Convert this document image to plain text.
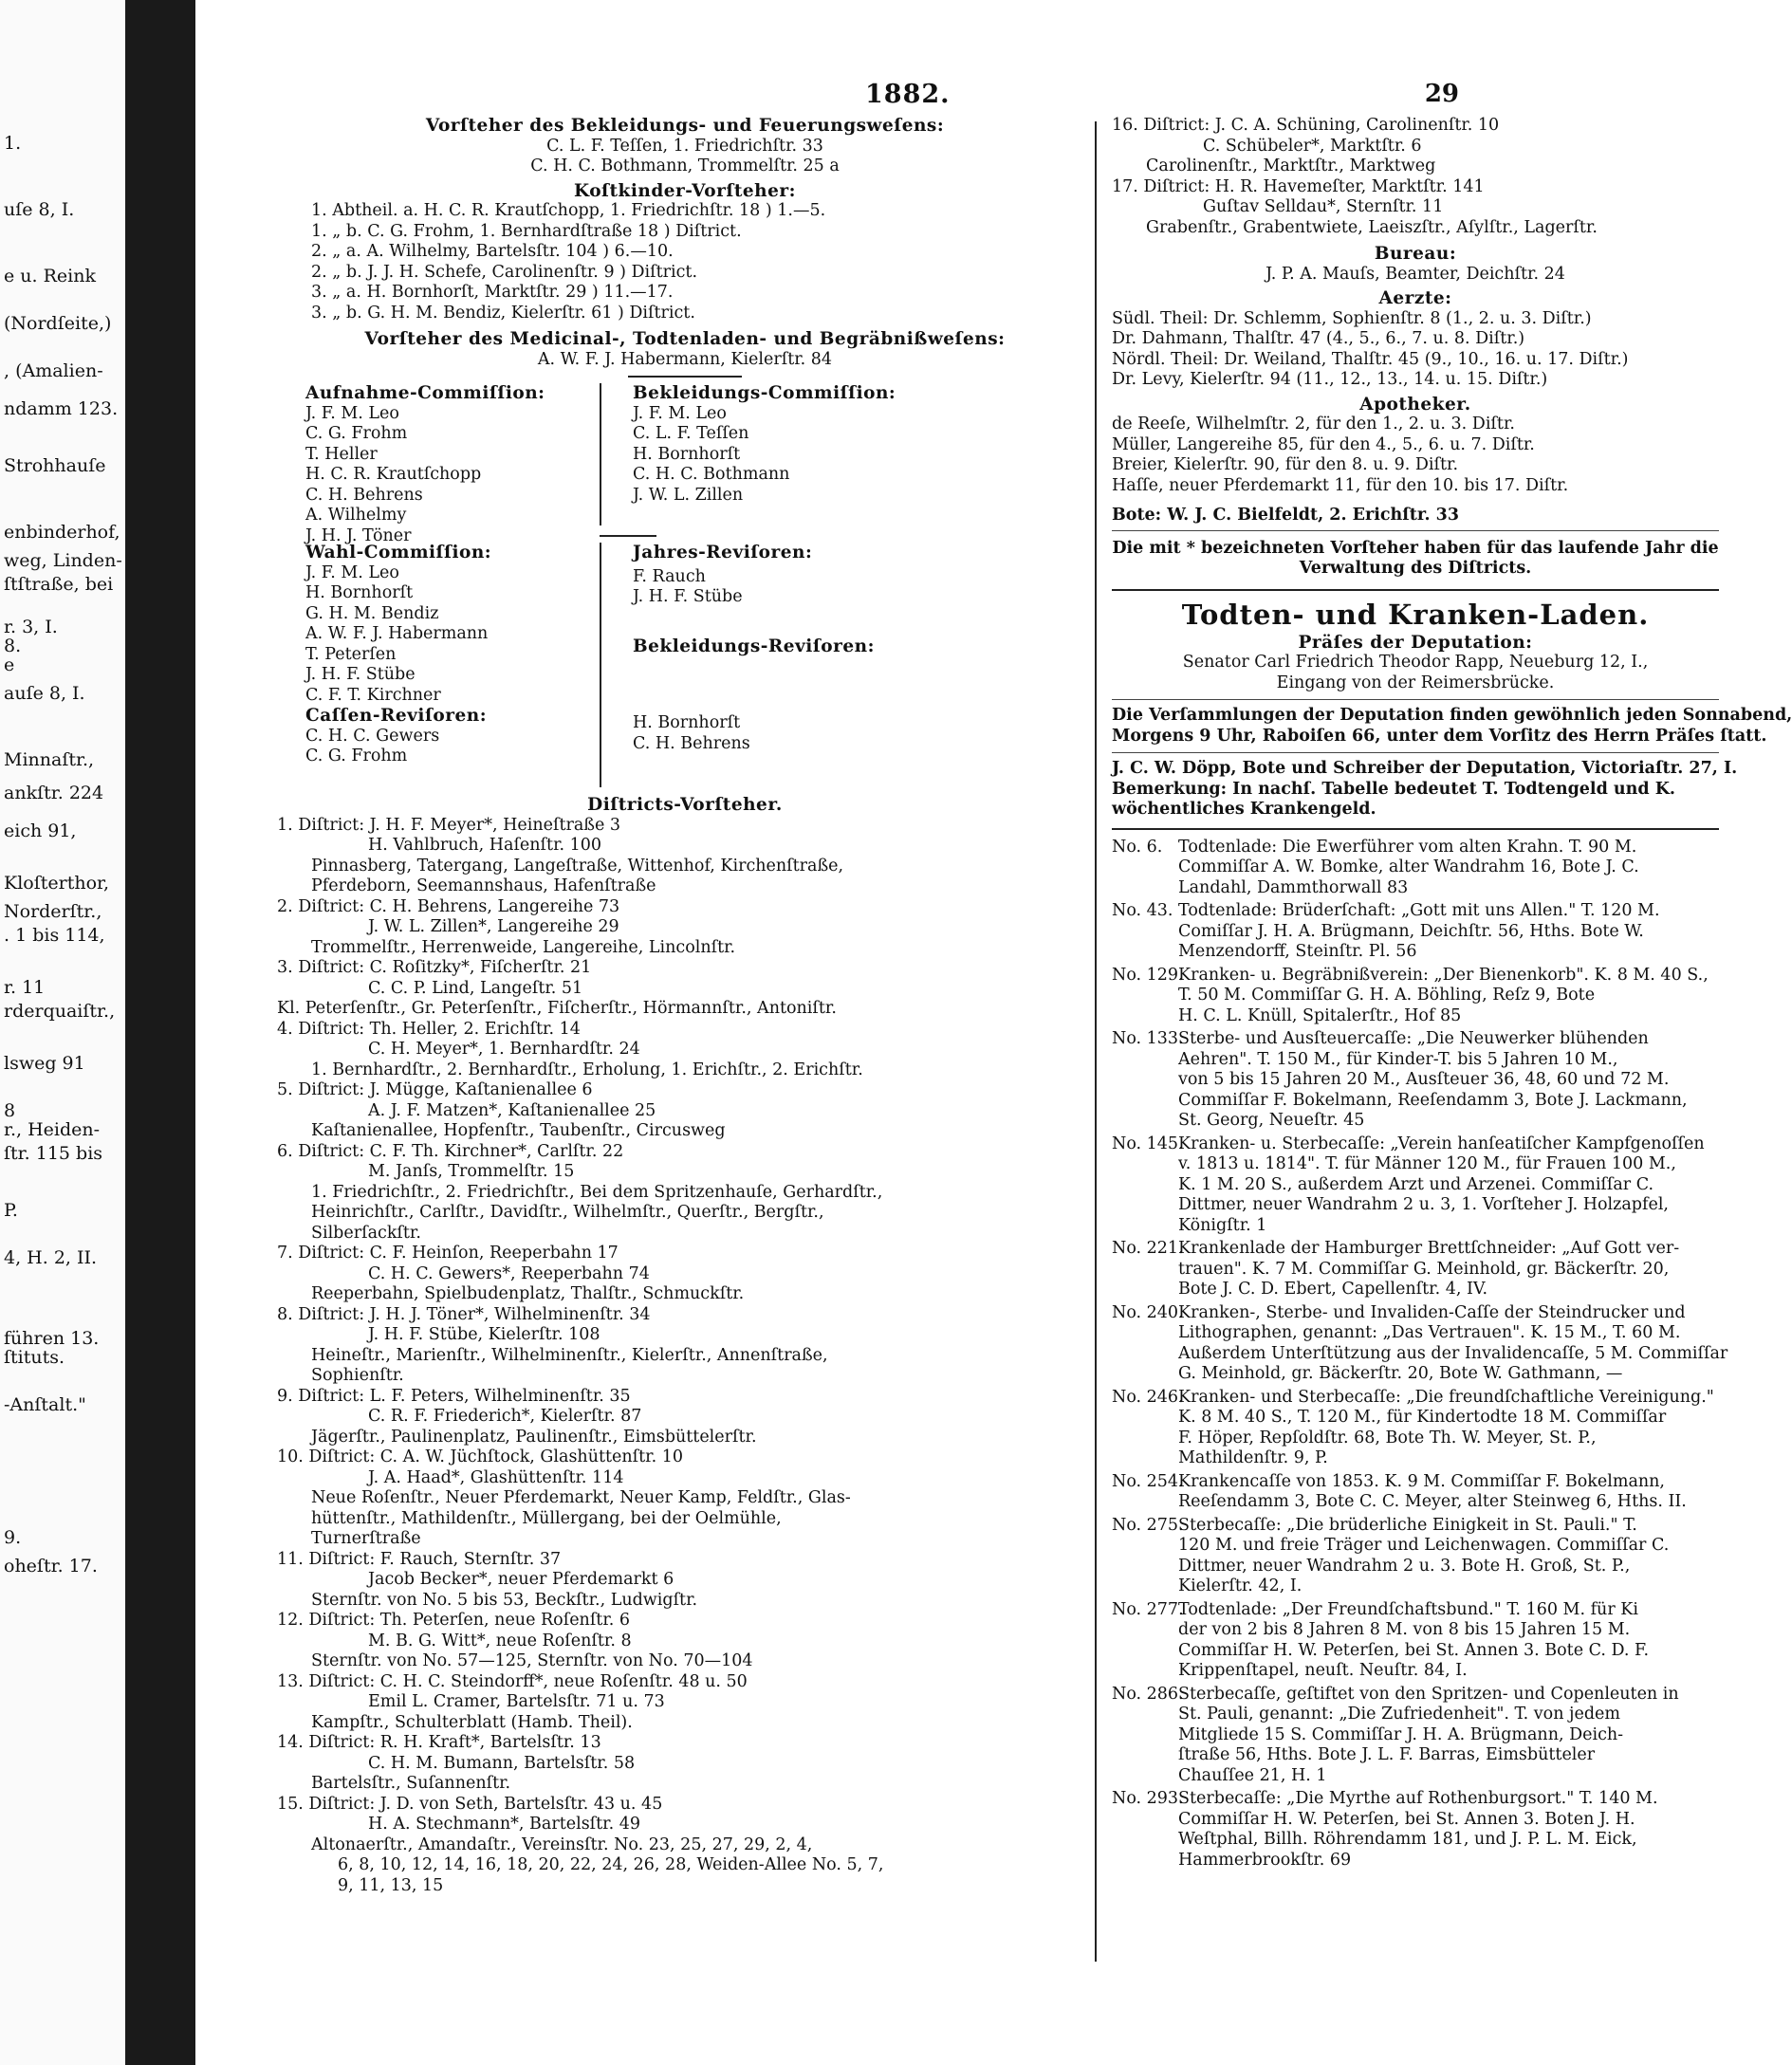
1.
uſe 8, I.
e u. Reink
(Nordſeite,)
, (Amalien-
ndamm 123.
Strohhauſe
enbinderhof,
weg, Linden-
ſtſtraße, bei
r. 3, I.
8.
e
auſe 8, I.
Minnaſtr.,
ankſtr. 224
eich 91,
Kloſterthor,
Norderſtr.,
. 1 bis 114,
r. 11
rderquaiſtr.,
lsweg 91
8
r., Heiden-
ſtr. 115 bis
P.
4, H. 2, II.
führen 13.
ſtituts.
-Anſtalt."
9.
oheſtr. 17.
1882.	29
Vorſteher des Bekleidungs- und Feuerungsweſens:
C. L. F. Teſſen, 1. Friedrichſtr. 33
C. H. C. Bothmann, Trommelſtr. 25 a
Koſtkinder-Vorſteher:
1. Abtheil. a. H. C. R. Krautſchopp, 1. Friedrichſtr. 18 ) 1.—5.
1. „ b. C. G. Frohm, 1. Bernhardſtraße 18 ) Diſtrict.
2. „ a. A. Wilhelmy, Bartelsſtr. 104 ) 6.—10.
2. „ b. J. J. H. Schefe, Carolinenſtr. 9 ) Diſtrict.
3. „ a. H. Bornhorſt, Marktſtr. 29 ) 11.—17.
3. „ b. G. H. M. Bendiz, Kielerſtr. 61 ) Diſtrict.
Vorſteher des Medicinal-, Todtenladen- und Begräbnißweſens:
A. W. F. J. Habermann, Kielerſtr. 84
Aufnahme-Commiſſion:
J. F. M. Leo
C. G. Frohm
T. Heller
H. C. R. Krautſchopp
C. H. Behrens
A. Wilhelmy
J. H. J. Töner
Bekleidungs-Commiſſion:
J. F. M. Leo
C. L. F. Teſſen
H. Bornhorſt
C. H. C. Bothmann
J. W. L. Zillen
Wahl-Commiſſion:
J. F. M. Leo
H. Bornhorſt
G. H. M. Bendiz
A. W. F. J. Habermann
T. Peterſen
J. H. F. Stübe
C. F. T. Kirchner
Jahres-Reviſoren:
F. Rauch
J. H. F. Stübe
Bekleidungs-Reviſoren:
Caſſen-Reviſoren:
C. H. C. Gewers
C. G. Frohm
H. Bornhorſt
C. H. Behrens
Diſtricts-Vorſteher.
1. Diſtrict: J. H. F. Meyer*, Heineſtraße 3
H. Vahlbruch, Haſenſtr. 100
Pinnasberg, Tatergang, Langeſtraße, Wittenhof, Kirchenſtraße,
Pferdeborn, Seemannshaus, Hafenſtraße
2. Diſtrict: C. H. Behrens, Langereihe 73
J. W. L. Zillen*, Langereihe 29
Trommelſtr., Herrenweide, Langereihe, Lincolnſtr.
3. Diſtrict: C. Roſitzky*, Fiſcherſtr. 21
C. C. P. Lind, Langeſtr. 51
Kl. Peterſenſtr., Gr. Peterſenſtr., Fiſcherſtr., Hörmannſtr., Antoniſtr.
4. Diſtrict: Th. Heller, 2. Erichſtr. 14
C. H. Meyer*, 1. Bernhardſtr. 24
1. Bernhardſtr., 2. Bernhardſtr., Erholung, 1. Erichſtr., 2. Erichſtr.
5. Diſtrict: J. Mügge, Kaſtanienallee 6
A. J. F. Matzen*, Kaſtanienallee 25
Kaſtanienallee, Hopfenſtr., Taubenſtr., Circusweg
6. Diſtrict: C. F. Th. Kirchner*, Carlſtr. 22
M. Janſs, Trommelſtr. 15
1. Friedrichſtr., 2. Friedrichſtr., Bei dem Spritzenhauſe, Gerhardſtr.,
Heinrichſtr., Carlſtr., Davidſtr., Wilhelmſtr., Querſtr., Bergſtr.,
Silberſackſtr.
7. Diſtrict: C. F. Heinſon, Reeperbahn 17
C. H. C. Gewers*, Reeperbahn 74
Reeperbahn, Spielbudenplatz, Thalſtr., Schmuckſtr.
8. Diſtrict: J. H. J. Töner*, Wilhelminenſtr. 34
J. H. F. Stübe, Kielerſtr. 108
Heineſtr., Marienſtr., Wilhelminenſtr., Kielerſtr., Annenſtraße,
Sophienſtr.
9. Diſtrict: L. F. Peters, Wilhelminenſtr. 35
C. R. F. Friederich*, Kielerſtr. 87
Jägerſtr., Paulinenplatz, Paulinenſtr., Eimsbüttelerſtr.
10. Diſtrict: C. A. W. Jüchſtock, Glashüttenſtr. 10
J. A. Haad*, Glashüttenſtr. 114
Neue Roſenſtr., Neuer Pferdemarkt, Neuer Kamp, Feldſtr., Glas-
hüttenſtr., Mathildenſtr., Müllergang, bei der Oelmühle,
Turnerſtraße
11. Diſtrict: F. Rauch, Sternſtr. 37
Jacob Becker*, neuer Pferdemarkt 6
Sternſtr. von No. 5 bis 53, Beckſtr., Ludwigſtr.
12. Diſtrict: Th. Peterſen, neue Roſenſtr. 6
M. B. G. Witt*, neue Roſenſtr. 8
Sternſtr. von No. 57—125, Sternſtr. von No. 70—104
13. Diſtrict: C. H. C. Steindorff*, neue Roſenſtr. 48 u. 50
Emil L. Cramer, Bartelsſtr. 71 u. 73
Kampſtr., Schulterblatt (Hamb. Theil).
14. Diſtrict: R. H. Kraft*, Bartelsſtr. 13
C. H. M. Bumann, Bartelsſtr. 58
Bartelsſtr., Suſannenſtr.
15. Diſtrict: J. D. von Seth, Bartelsſtr. 43 u. 45
H. A. Stechmann*, Bartelsſtr. 49
Altonaerſtr., Amandaſtr., Vereinsſtr. No. 23, 25, 27, 29, 2, 4,
6, 8, 10, 12, 14, 16, 18, 20, 22, 24, 26, 28, Weiden-Allee No. 5, 7,
9, 11, 13, 15
16. Diſtrict: J. C. A. Schüning, Carolinenſtr. 10
C. Schübeler*, Marktſtr. 6
Carolinenſtr., Marktſtr., Marktweg
17. Diſtrict: H. R. Havemeſter, Marktſtr. 141
Guſtav Selldau*, Sternſtr. 11
Grabenſtr., Grabentwiete, Laeiszſtr., Aſylſtr., Lagerſtr.
Bureau:
J. P. A. Mauſs, Beamter, Deichſtr. 24
Aerzte:
Südl. Theil: Dr. Schlemm, Sophienſtr. 8 (1., 2. u. 3. Diſtr.)
Dr. Dahmann, Thalſtr. 47 (4., 5., 6., 7. u. 8. Diſtr.)
Nördl. Theil: Dr. Weiland, Thalſtr. 45 (9., 10., 16. u. 17. Diſtr.)
Dr. Levy, Kielerſtr. 94 (11., 12., 13., 14. u. 15. Diſtr.)
Apotheker.
de Reeſe, Wilhelmſtr. 2, für den 1., 2. u. 3. Diſtr.
Müller, Langereihe 85, für den 4., 5., 6. u. 7. Diſtr.
Breier, Kielerſtr. 90, für den 8. u. 9. Diſtr.
Haſſe, neuer Pferdemarkt 11, für den 10. bis 17. Diſtr.
Bote: W. J. C. Bielfeldt, 2. Erichſtr. 33
Die mit * bezeichneten Vorſteher haben für das laufende Jahr die
Verwaltung des Diſtricts.
Todten- und Kranken-Laden.
Präſes der Deputation:
Senator Carl Friedrich Theodor Rapp, Neueburg 12, I.,
Eingang von der Reimersbrücke.
Die Verſammlungen der Deputation finden gewöhnlich jeden Sonnabend,
Morgens 9 Uhr, Raboiſen 66, unter dem Vorſitz des Herrn Präſes ſtatt.
J. C. W. Döpp, Bote und Schreiber der Deputation, Victoriaſtr. 27, I.
Bemerkung: In nachſ. Tabelle bedeutet T. Todtengeld und K.
wöchentliches Krankengeld.
No. 6. Todtenlade: Die Ewerführer vom alten Krahn. T. 90 M.
Commiſſar A. W. Bomke, alter Wandrahm 16, Bote J. C.
Landahl, Dammthorwall 83
No. 43. Todtenlade: Brüderſchaft: „Gott mit uns Allen." T. 120 M.
Comiſſar J. H. A. Brügmann, Deichſtr. 56, Hths. Bote W.
Menzendorff, Steinſtr. Pl. 56
No. 129.
Kranken- u. Begräbnißverein: „Der Bienenkorb". K. 8 M. 40 S.,
T. 50 M. Commiſſar G. H. A. Böhling, Reſz 9, Bote
H. C. L. Knüll, Spitalerſtr., Hof 85
No. 133.
Sterbe- und Ausſteuercaſſe: „Die Neuwerker blühenden
Aehren". T. 150 M., für Kinder-T. bis 5 Jahren 10 M.,
von 5 bis 15 Jahren 20 M., Ausſteuer 36, 48, 60 und 72 M.
Commiſſar F. Bokelmann, Reeſendamm 3, Bote J. Lackmann,
St. Georg, Neueſtr. 45
No. 145.
Kranken- u. Sterbecaſſe: „Verein hanſeatiſcher Kampfgenoſſen
v. 1813 u. 1814". T. für Männer 120 M., für Frauen 100 M.,
K. 1 M. 20 S., außerdem Arzt und Arzenei. Commiſſar C.
Dittmer, neuer Wandrahm 2 u. 3, 1. Vorſteher J. Holzapfel,
Königſtr. 1
No. 221.
Krankenlade der Hamburger Brettſchneider: „Auf Gott ver-
trauen". K. 7 M. Commiſſar G. Meinhold, gr. Bäckerſtr. 20,
Bote J. C. D. Ebert, Capellenſtr. 4, IV.
No. 240.
Kranken-, Sterbe- und Invaliden-Caſſe der Steindrucker und
Lithographen, genannt: „Das Vertrauen". K. 15 M., T. 60 M.
Außerdem Unterſtützung aus der Invalidencaſſe, 5 M. Commiſſar
G. Meinhold, gr. Bäckerſtr. 20, Bote W. Gathmann, —
No. 246.
Kranken- und Sterbecaſſe: „Die freundſchaftliche Vereinigung."
K. 8 M. 40 S., T. 120 M., für Kindertodte 18 M. Commiſſar
F. Höper, Repſoldſtr. 68, Bote Th. W. Meyer, St. P.,
Mathildenſtr. 9, P.
No. 254.
Krankencaſſe von 1853. K. 9 M. Commiſſar F. Bokelmann,
Reeſendamm 3, Bote C. C. Meyer, alter Steinweg 6, Hths. II.
No. 275.
Sterbecaſſe: „Die brüderliche Einigkeit in St. Pauli." T.
120 M. und freie Träger und Leichenwagen. Commiſſar C.
Dittmer, neuer Wandrahm 2 u. 3. Bote H. Groß, St. P.,
Kielerſtr. 42, I.
No. 277.
Todtenlade: „Der Freundſchaftsbund." T. 160 M. für Ki
der von 2 bis 8 Jahren 8 M. von 8 bis 15 Jahren 15 M.
Commiſſar H. W. Peterſen, bei St. Annen 3. Bote C. D. F.
Krippenſtapel, neuſt. Neuſtr. 84, I.
No. 286.
Sterbecaſſe, geſtiftet von den Spritzen- und Copenleuten in
St. Pauli, genannt: „Die Zufriedenheit". T. von jedem
Mitgliede 15 S. Commiſſar J. H. A. Brügmann, Deich-
ſtraße 56, Hths. Bote J. L. F. Barras, Eimsbütteler
Chauſſee 21, H. 1
No. 293.
Sterbecaſſe: „Die Myrthe auf Rothenburgsort." T. 140 M.
Commiſſar H. W. Peterſen, bei St. Annen 3. Boten J. H.
Weſtphal, Billh. Röhrendamm 181, und J. P. L. M. Eick,
Hammerbrookſtr. 69
